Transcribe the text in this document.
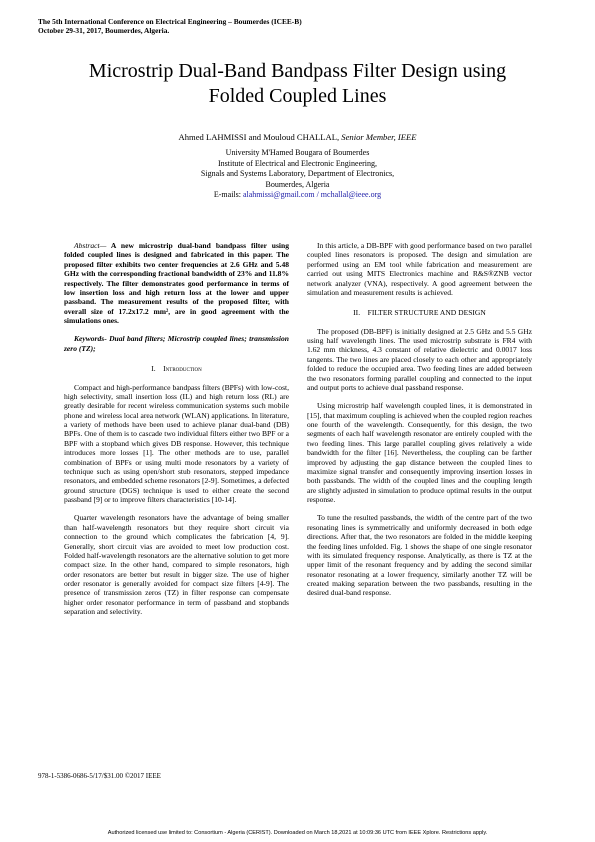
The 5th International Conference on Electrical Engineering – Boumerdes (ICEE-B)
October 29-31, 2017, Boumerdes, Algeria.
Microstrip Dual-Band Bandpass Filter Design using
Folded Coupled Lines
Ahmed LAHMISSI and Mouloud CHALLAL, Senior Member, IEEE
University M'Hamed Bougara of Boumerdes
Institute of Electrical and Electronic Engineering,
Signals and Systems Laboratory, Department of Electronics,
Boumerdes, Algeria
E-mails: alahmissi@gmail.com / mchallal@ieee.org

Abstract— A new microstrip dual-band bandpass filter using folded coupled lines is designed and fabricated in this paper. The proposed filter exhibits two center frequencies at 2.6 GHz and 5.48 GHz with the corresponding fractional bandwidth of 23% and 11.8% respectively. The filter demonstrates good performance in terms of low insertion loss and high return loss at the lower and upper passband. The measurement results of the proposed filter, with overall size of 17.2x17.2 mm², are in good agreement with the simulations ones.

Keywords- Dual band filters; Microstrip coupled lines; transmission zero (TZ);

I. Introduction

Compact and high-performance bandpass filters (BPFs) with low-cost, high selectivity, small insertion loss (IL) and high return loss (RL) are greatly desirable for recent wireless communication systems such mobile phone and wireless local area network (WLAN) applications. In literature, a variety of methods have been used to achieve planar dual-band (DB) BPFs. One of them is to cascade two individual filters either two BPF or a BPF with a stopband which gives DB response. However, this technique introduces more losses [1]. The other methods are to use, parallel combination of BPFs or using multi mode resonators by a variety of technique such as using open/short stub resonators, stepped impedance resonators, and embedded scheme resonators [2-9]. Sometimes, a defected ground structure (DGS) technique is used to either create the second passband [9] or to improve filters characteristics [10-14].

Quarter wavelength resonators have the advantage of being smaller than half-wavelength resonators but they require short circuit via connection to the ground which complicates the fabrication [4, 9]. Generally, short circuit vias are avoided to meet low production cost. Folded half-wavelength resonators are the alternative solution to get more compact size. In the other hand, compared to simple resonators, high order resonators are better but result in bigger size. The use of higher order resonator is generally avoided for compact size filters [4-9]. The presence of transmission zeros (TZ) in filter response can compensate higher order resonator performance in term of passband and stopbands separation and selectivity.

In this article, a DB-BPF with good performance based on two parallel coupled lines resonators is proposed. The design and simulation are performed using an EM tool while fabrication and measurement are carried out using MITS Electronics machine and R&S®ZNB vector network analyzer (VNA), respectively. A good agreement between the simulation and measurement results is achieved.

II. FILTER STRUCTURE AND DESIGN

The proposed (DB-BPF) is initially designed at 2.5 GHz and 5.5 GHz using half wavelength lines. The used microstrip substrate is FR4 with 1.62 mm thickness, 4.3 constant of relative dielectric and 0.0017 loss tangents. The two lines are placed closely to each other and appropriately folded to reduce the occupied area. Two feeding lines are added between the two resonators forming parallel coupling and connected to the input and output ports to achieve dual passband response.

Using microstrip half wavelength coupled lines, it is demonstrated in [15], that maximum coupling is achieved when the coupled region reaches one fourth of the wavelength. Consequently, for this design, the two segments of each half wavelength resonator are entirely coupled with the two feeding lines. This large parallel coupling gives relatively a wide bandwidth for the filter [16]. Nevertheless, the coupling can be farther improved by adjusting the gap distance between the coupled lines to maximize signal transfer and consequently improving insertion losses in both passbands. The width of the coupled lines and the coupling length are slightly adjusted in simulation to produce optimal results in the output response.

To tune the resulted passbands, the width of the centre part of the two resonating lines is symmetrically and uniformly decreased in both edge directions. After that, the two resonators are folded in the middle keeping the feeding lines unfolded. Fig. 1 shows the shape of one single resonator with its simulated frequency response. Analytically, as there is TZ at the upper limit of the resonant frequency and by adding the second similar resonator resonating at a lower frequency, similarly another TZ will be created making separation between the two passbands, resulting in the desired dual-band response.

978-1-5386-0686-5/17/$31.00 ©2017 IEEE
Authorized licensed use limited to: Consortium - Algeria (CERIST). Downloaded on March 18,2021 at 10:09:36 UTC from IEEE Xplore. Restrictions apply.
